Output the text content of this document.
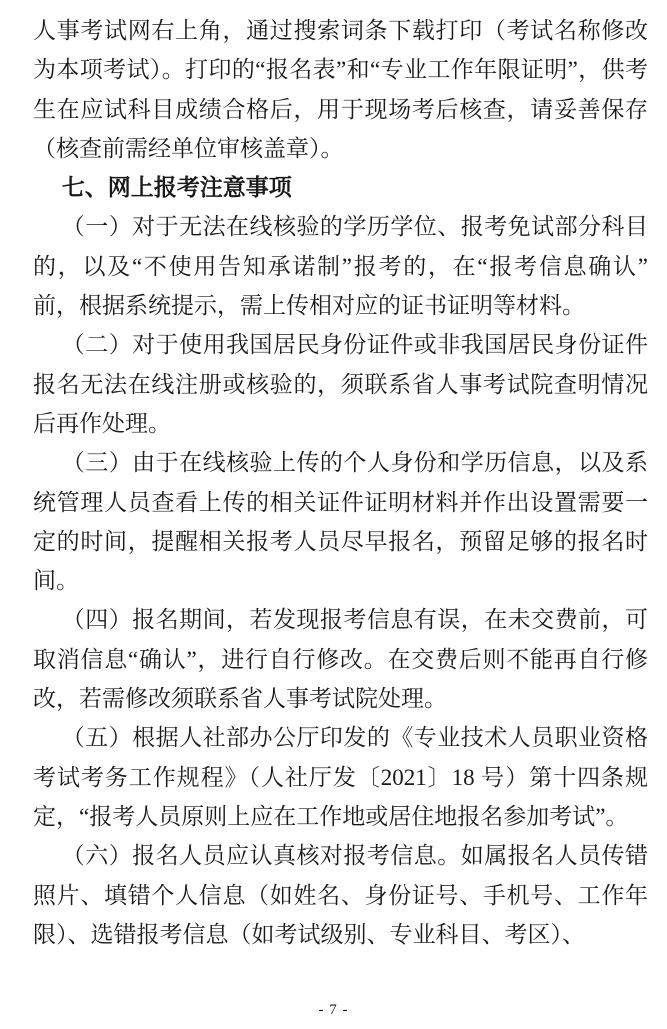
人事考试网右上角，通过搜索词条下载打印（考试名称修改为本项考试）。打印的“报名表”和“专业工作年限证明”，供考生在应试科目成绩合格后，用于现场考后核查，请妥善保存（核查前需经单位审核盖章）。

七、网上报考注意事项

（一）对于无法在线核验的学历学位、报考免试部分科目的，以及“不使用告知承诺制”报考的，在“报考信息确认”前，根据系统提示，需上传相对应的证书证明等材料。

（二）对于使用我国居民身份证件或非我国居民身份证件报名无法在线注册或核验的，须联系省人事考试院查明情况后再作处理。

（三）由于在线核验上传的个人身份和学历信息，以及系统管理人员查看上传的相关证件证明材料并作出设置需要一定的时间，提醒相关报考人员尽早报名，预留足够的报名时间。

（四）报名期间，若发现报考信息有误，在未交费前，可取消信息“确认”，进行自行修改。在交费后则不能再自行修改，若需修改须联系省人事考试院处理。

（五）根据人社部办公厅印发的《专业技术人员职业资格考试考务工作规程》（人社厅发〔2021〕18 号）第十四条规定，“报考人员原则上应在工作地或居住地报名参加考试”。

（六）报名人员应认真核对报考信息。如属报名人员传错照片、填错个人信息（如姓名、身份证号、手机号、工作年限）、选错报考信息（如考试级别、专业科目、考区）、

- 7 -
